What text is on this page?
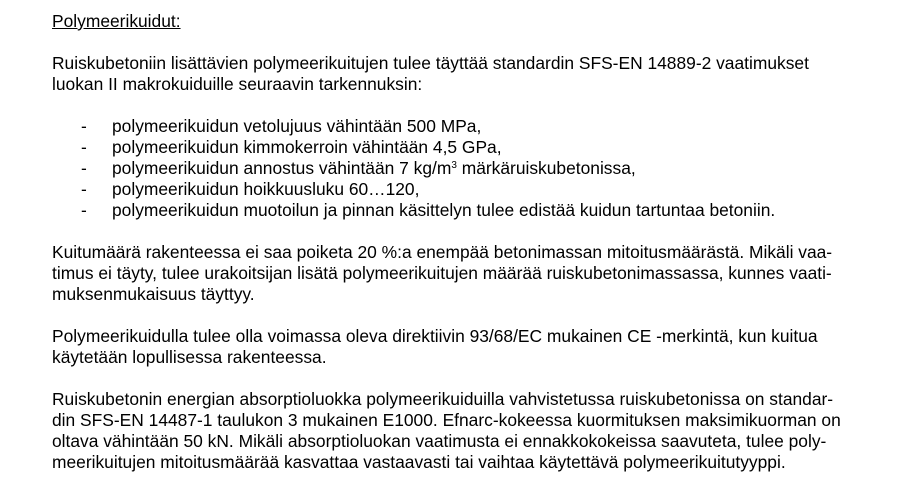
Polymeerikuidut:

Ruiskubetoniin lisättävien polymeerikuitujen tulee täyttää standardin SFS-EN 14889-2 vaatimukset
luokan II makrokuiduille seuraavin tarkennuksin:

- polymeerikuidun vetolujuus vähintään 500 MPa,
- polymeerikuidun kimmokerroin vähintään 4,5 GPa,
- polymeerikuidun annostus vähintään 7 $kg/m^3$ märkäruiskubetonissa,
- polymeerikuidun hoikkuusluku 60…120,
- polymeerikuidun muotoilun ja pinnan käsittelyn tulee edistää kuidun tartuntaa betoniin.

Kuitumäärä rakenteessa ei saa poiketa 20 %:a enempää betonimassan mitoitusmäärästä. Mikäli vaa-
timus ei täyty, tulee urakoitsijan lisätä polymeerikuitujen määrää ruiskubetonimassassa, kunnes vaati-
muksenmukaisuus täyttyy.

Polymeerikuidulla tulee olla voimassa oleva direktiivin 93/68/EC mukainen CE -merkintä, kun kuitua
käytetään lopullisessa rakenteessa.

Ruiskubetonin energian absorptioluokka polymeerikuiduilla vahvistetussa ruiskubetonissa on standar-
din SFS-EN 14487-1 taulukon 3 mukainen E1000. Efnarc-kokeessa kuormituksen maksimikuorman on
oltava vähintään 50 kN. Mikäli absorptioluokan vaatimusta ei ennakkokokeissa saavuteta, tulee poly-
meerikuitujen mitoitusmäärää kasvattaa vastaavasti tai vaihtaa käytettävä polymeerikuitutyyppi.
